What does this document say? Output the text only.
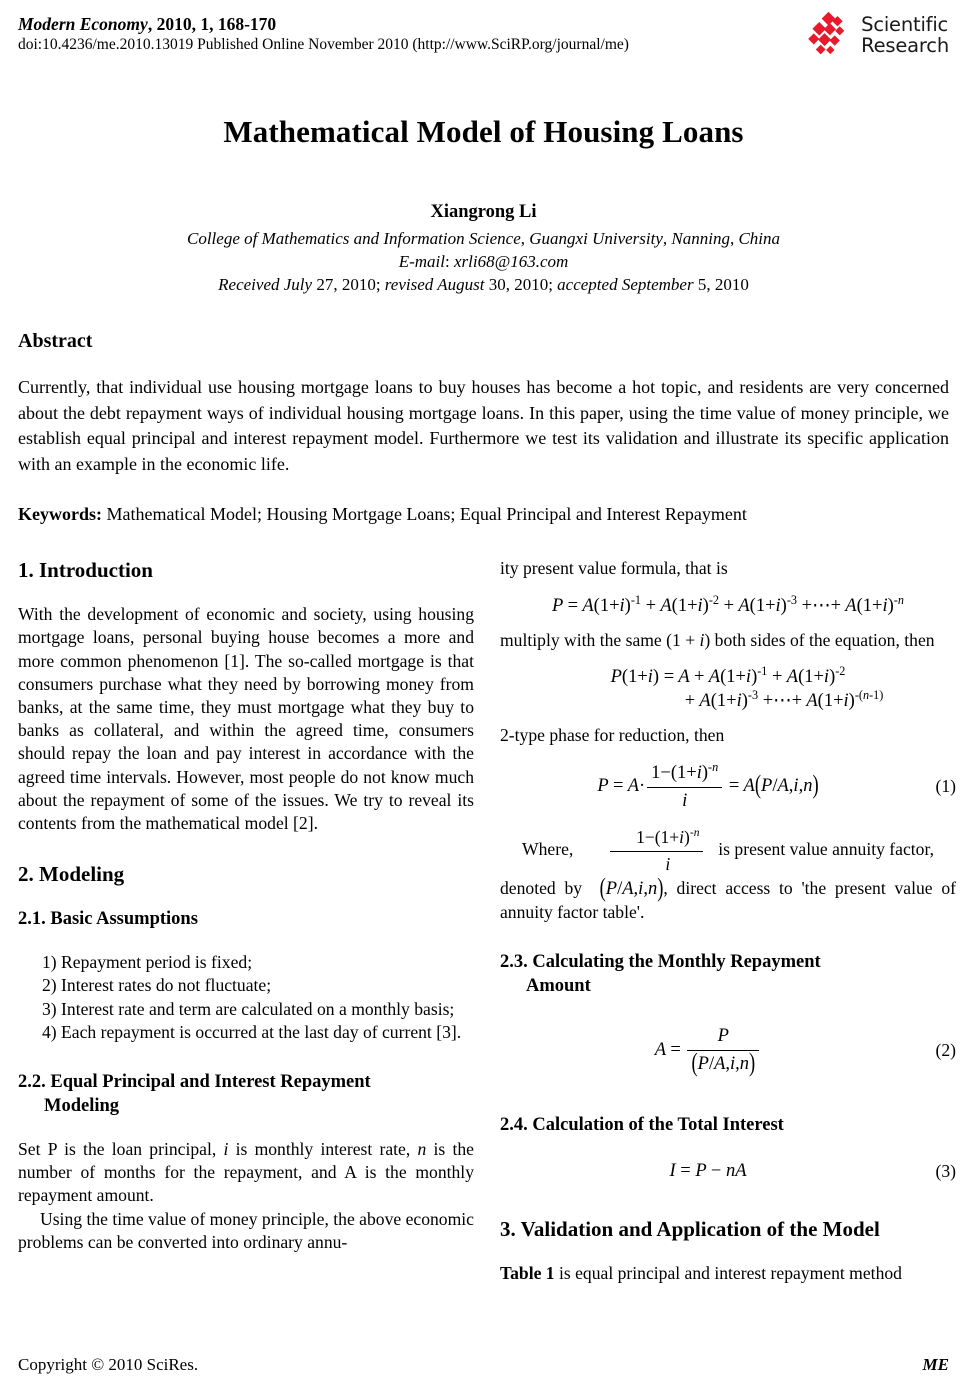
Modern Economy, 2010, 1, 168-170
doi:10.4236/me.2010.13019 Published Online November 2010 (http://www.SciRP.org/journal/me)
Scientific
Research
Mathematical Model of Housing Loans
Xiangrong Li
College of Mathematics and Information Science, Guangxi University, Nanning, China
E-mail: xrli68@163.com
Received July 27, 2010; revised August 30, 2010; accepted September 5, 2010
Abstract
Currently, that individual use housing mortgage loans to buy houses has become a hot topic, and residents are very concerned about the debt repayment ways of individual housing mortgage loans. In this paper, using the time value of money principle, we establish equal principal and interest repayment model. Furthermore we test its validation and illustrate its specific application with an example in the economic life.
Keywords: Mathematical Model; Housing Mortgage Loans; Equal Principal and Interest Repayment
1. Introduction

With the development of economic and society, using housing mortgage loans, personal buying house becomes a more and more common phenomenon [1]. The so-called mortgage is that consumers purchase what they need by borrowing money from banks, at the same time, they must mortgage what they buy to banks as collateral, and within the agreed time, consumers should repay the loan and pay interest in accordance with the agreed time intervals. However, most people do not know much about the repayment of some of the issues. We try to reveal its contents from the mathematical model [2].

2. Modeling
2.1. Basic Assumptions
1) Repayment period is fixed;
2) Interest rates do not fluctuate;
3) Interest rate and term are calculated on a monthly basis;
4) Each repayment is occurred at the last day of current [3].
2.2. Equal Principal and Interest Repayment
Modeling

Set P is the loan principal, i is monthly interest rate, n is the number of months for the repayment, and A is the monthly repayment amount.

Using the time value of money principle, the above economic problems can be converted into ordinary annu-

ity present value formula, that is

$P = A(1+i)^{-1} + A(1+i)^{-2} + A(1+i)^{-3}$ +⋯+ $A(1+i)^{-n}$

multiply with the same (1 + i) both sides of the equation, then

$P(1+i) = A + A(1+i)^{-1} + A(1+i)^{-2}$
+ $A(1+i)^{-3}$ +⋯+ $A(1+i)^{-(n-1)}$

2-type phase for reduction, then

$P = A\cdot \frac{1-(1+i)^{-n}}{i} = A(P/A,i,n)$	(1)

Where, $\frac{1-(1+i)^{-n}}{i}$ is present value annuity factor,

denoted by (P/A,i,n), direct access to 'the present value of annuity factor table'.

2.3. Calculating the Monthly Repayment
Amount
$A = \frac{P}{(P/A,i,n)}$	(2)
2.4. Calculation of the Total Interest
I = P − nA	(3)
3. Validation and Application of the Model

Table 1 is equal principal and interest repayment method

Copyright © 2010 SciRes.	ME
